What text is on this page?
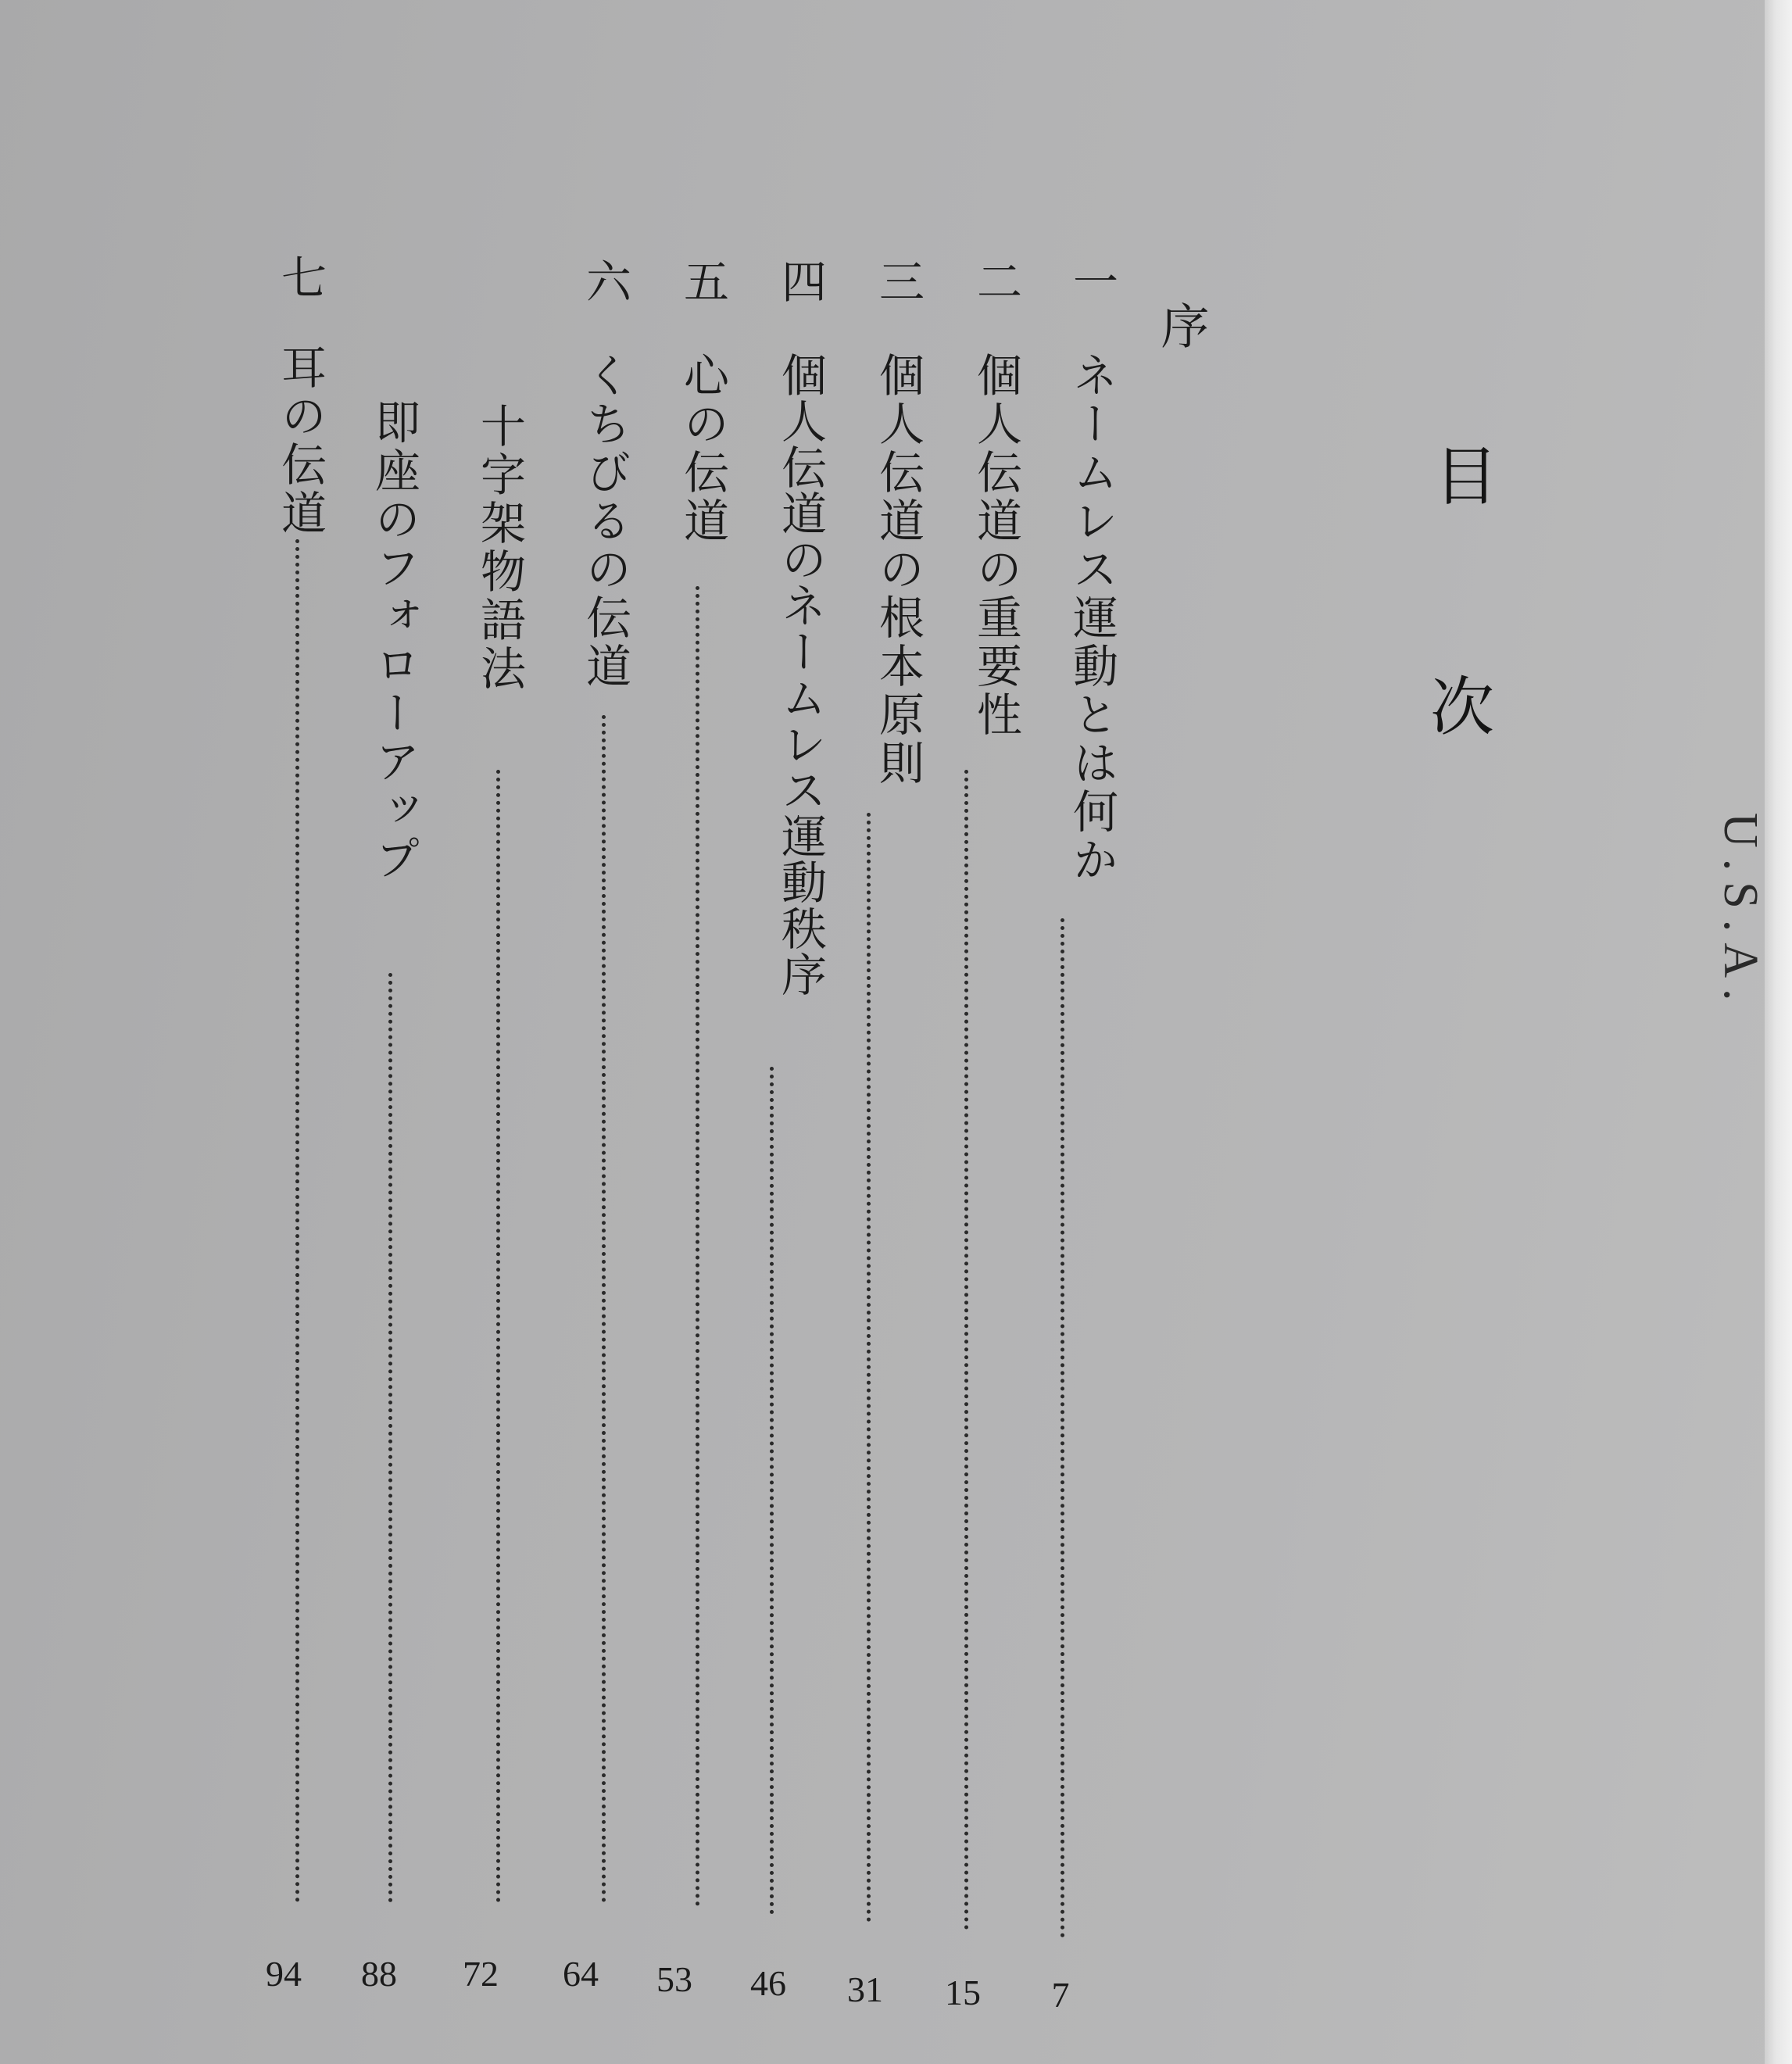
目
次
序
一
ネームレス運動とは何か
7
二
個人伝道の重要性
15
三
個人伝道の根本原則
31
四
個人伝道のネームレス運動秩序
46
五
心の伝道
53
六
くちびるの伝道
64
十字架物語法
72
即座のフォローアップ
88
七
耳の伝道
94
U.S.A.
